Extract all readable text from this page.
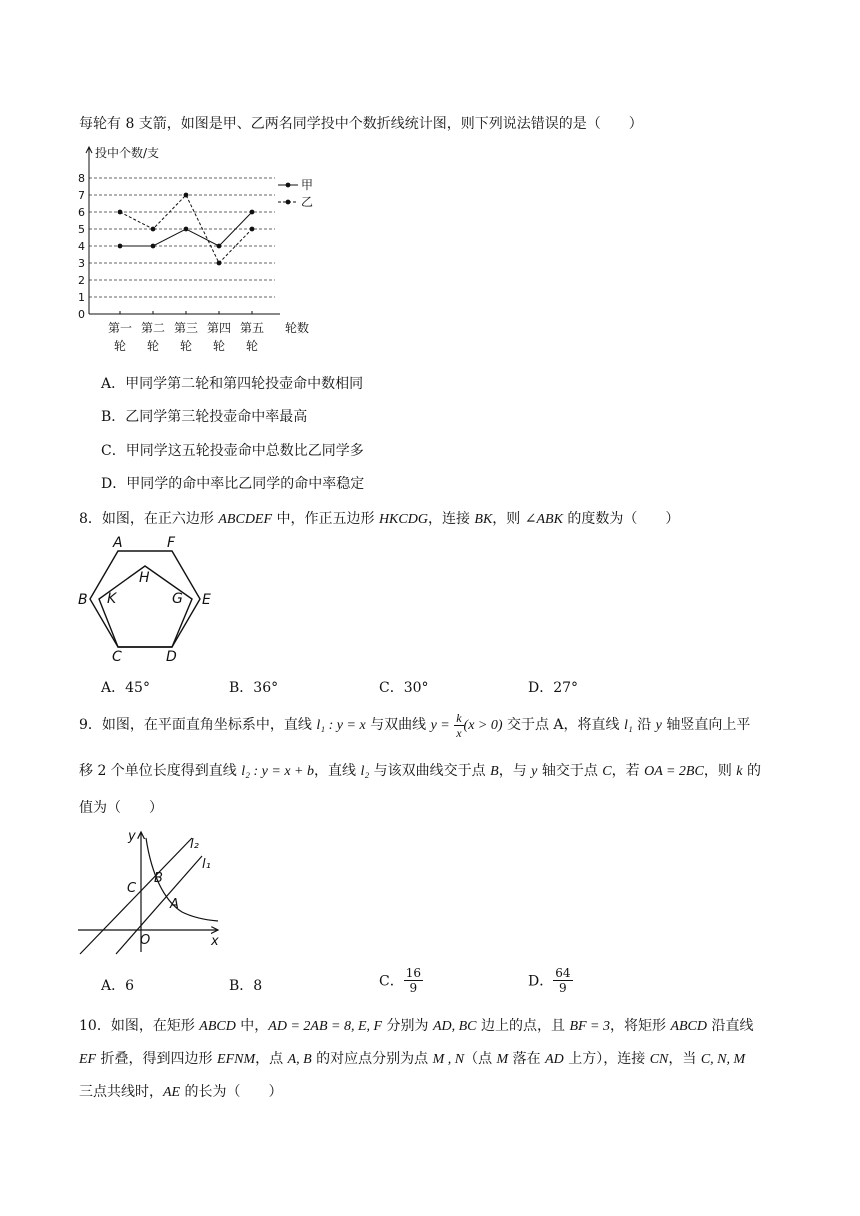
每轮有 8 支箭，如图是甲、乙两名同学投中个数折线统计图，则下列说法错误的是（　　）
0
1
2
3
4
5
6
7
8
投中个数/支
轮数
第一
轮
第二
轮
第三
轮
第四
轮
第五
轮
甲
乙
A．甲同学第二轮和第四轮投壶命中数相同
B．乙同学第三轮投壶命中率最高
C．甲同学这五轮投壶命中总数比乙同学多
D．甲同学的命中率比乙同学的命中率稳定
8．如图，在正六边形 ABCDEF 中，作正五边形 HKCDG，连接 BK，则 ∠ABK 的度数为（　　）
A	F
B	E
C	D
H
K	G
A．45°	B．36°	C．30°	D．27°
9．如图，在平面直角坐标系中，直线 l₁ : y = x 与双曲线 $y = \frac{k}{x} (x > 0)$ 交于点 A，将直线 l₁ 沿 y 轴竖直向上平
移 2 个单位长度得到直线 l₂ : y = x + b，直线 l₂ 与该双曲线交于点 B，与 y 轴交于点 C，若 OA = 2BC，则 k 的
值为（　　）
y
x
O
A
B
C
l₁
l₂
A．6	B．8	C． $\frac{16}{9}$	D． $\frac{64}{9}$
10．如图，在矩形 ABCD 中，AD = 2AB = 8, E, F 分别为 AD, BC 边上的点，且 BF = 3，将矩形 ABCD 沿直线
EF 折叠，得到四边形 EFNM，点 A, B 的对应点分别为点 M , N（点 M 落在 AD 上方），连接 CN，当 C, N, M
三点共线时，AE 的长为（　　）
